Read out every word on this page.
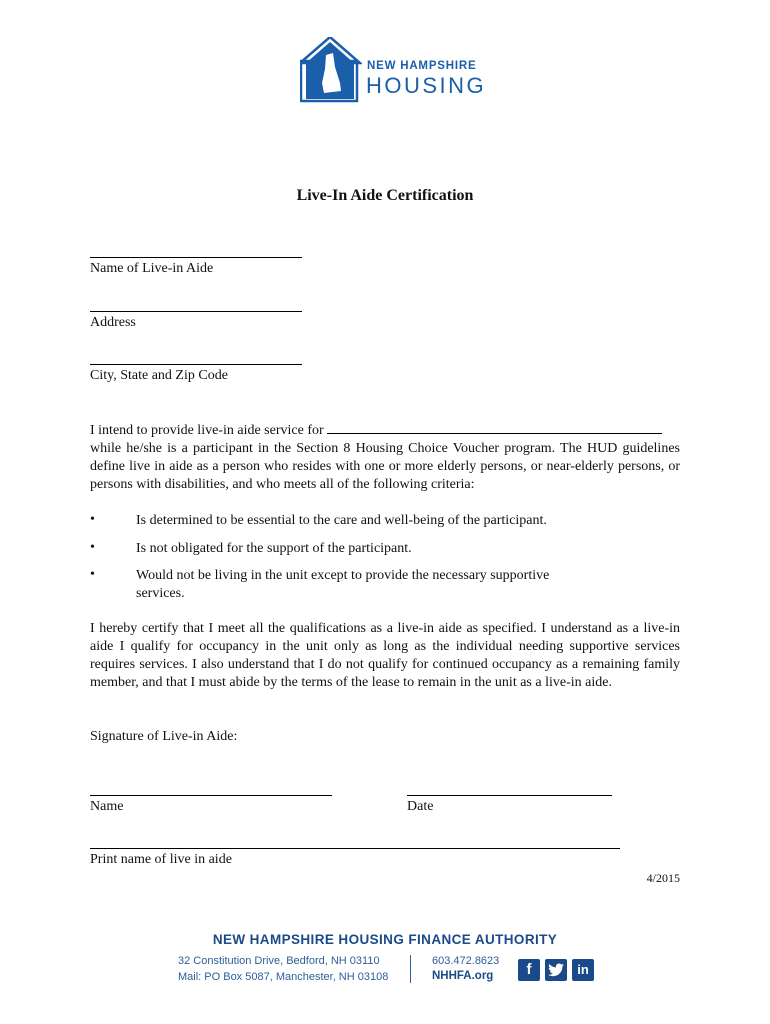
NEW HAMPSHIRE
HOUSING
Live-In Aide Certification
Name of Live-in Aide
Address
City, State and Zip Code
I intend to provide live-in aide service for
while he/she is a participant in the Section 8 Housing Choice Voucher program. The HUD guidelines define live in aide as a person who resides with one or more elderly persons, or near-elderly persons, or persons with disabilities, and who meets all of the following criteria:
•	Is determined to be essential to the care and well-being of the participant.
•	Is not obligated for the support of the participant.
•	Would not be living in the unit except to provide the necessary supportive services.
I hereby certify that I meet all the qualifications as a live-in aide as specified. I understand as a live-in aide I qualify for occupancy in the unit only as long as the individual needing supportive services requires services. I also understand that I do not qualify for continued occupancy as a remaining family member, and that I must abide by the terms of the lease to remain in the unit as a live-in aide.
Signature of Live-in Aide:
Name	Date
Print name of live in aide
4/2015
NEW HAMPSHIRE HOUSING FINANCE AUTHORITY
32 Constitution Drive, Bedford, NH 03110
Mail: PO Box 5087, Manchester, NH 03108
603.472.8623
NHHFA.org	f	in
